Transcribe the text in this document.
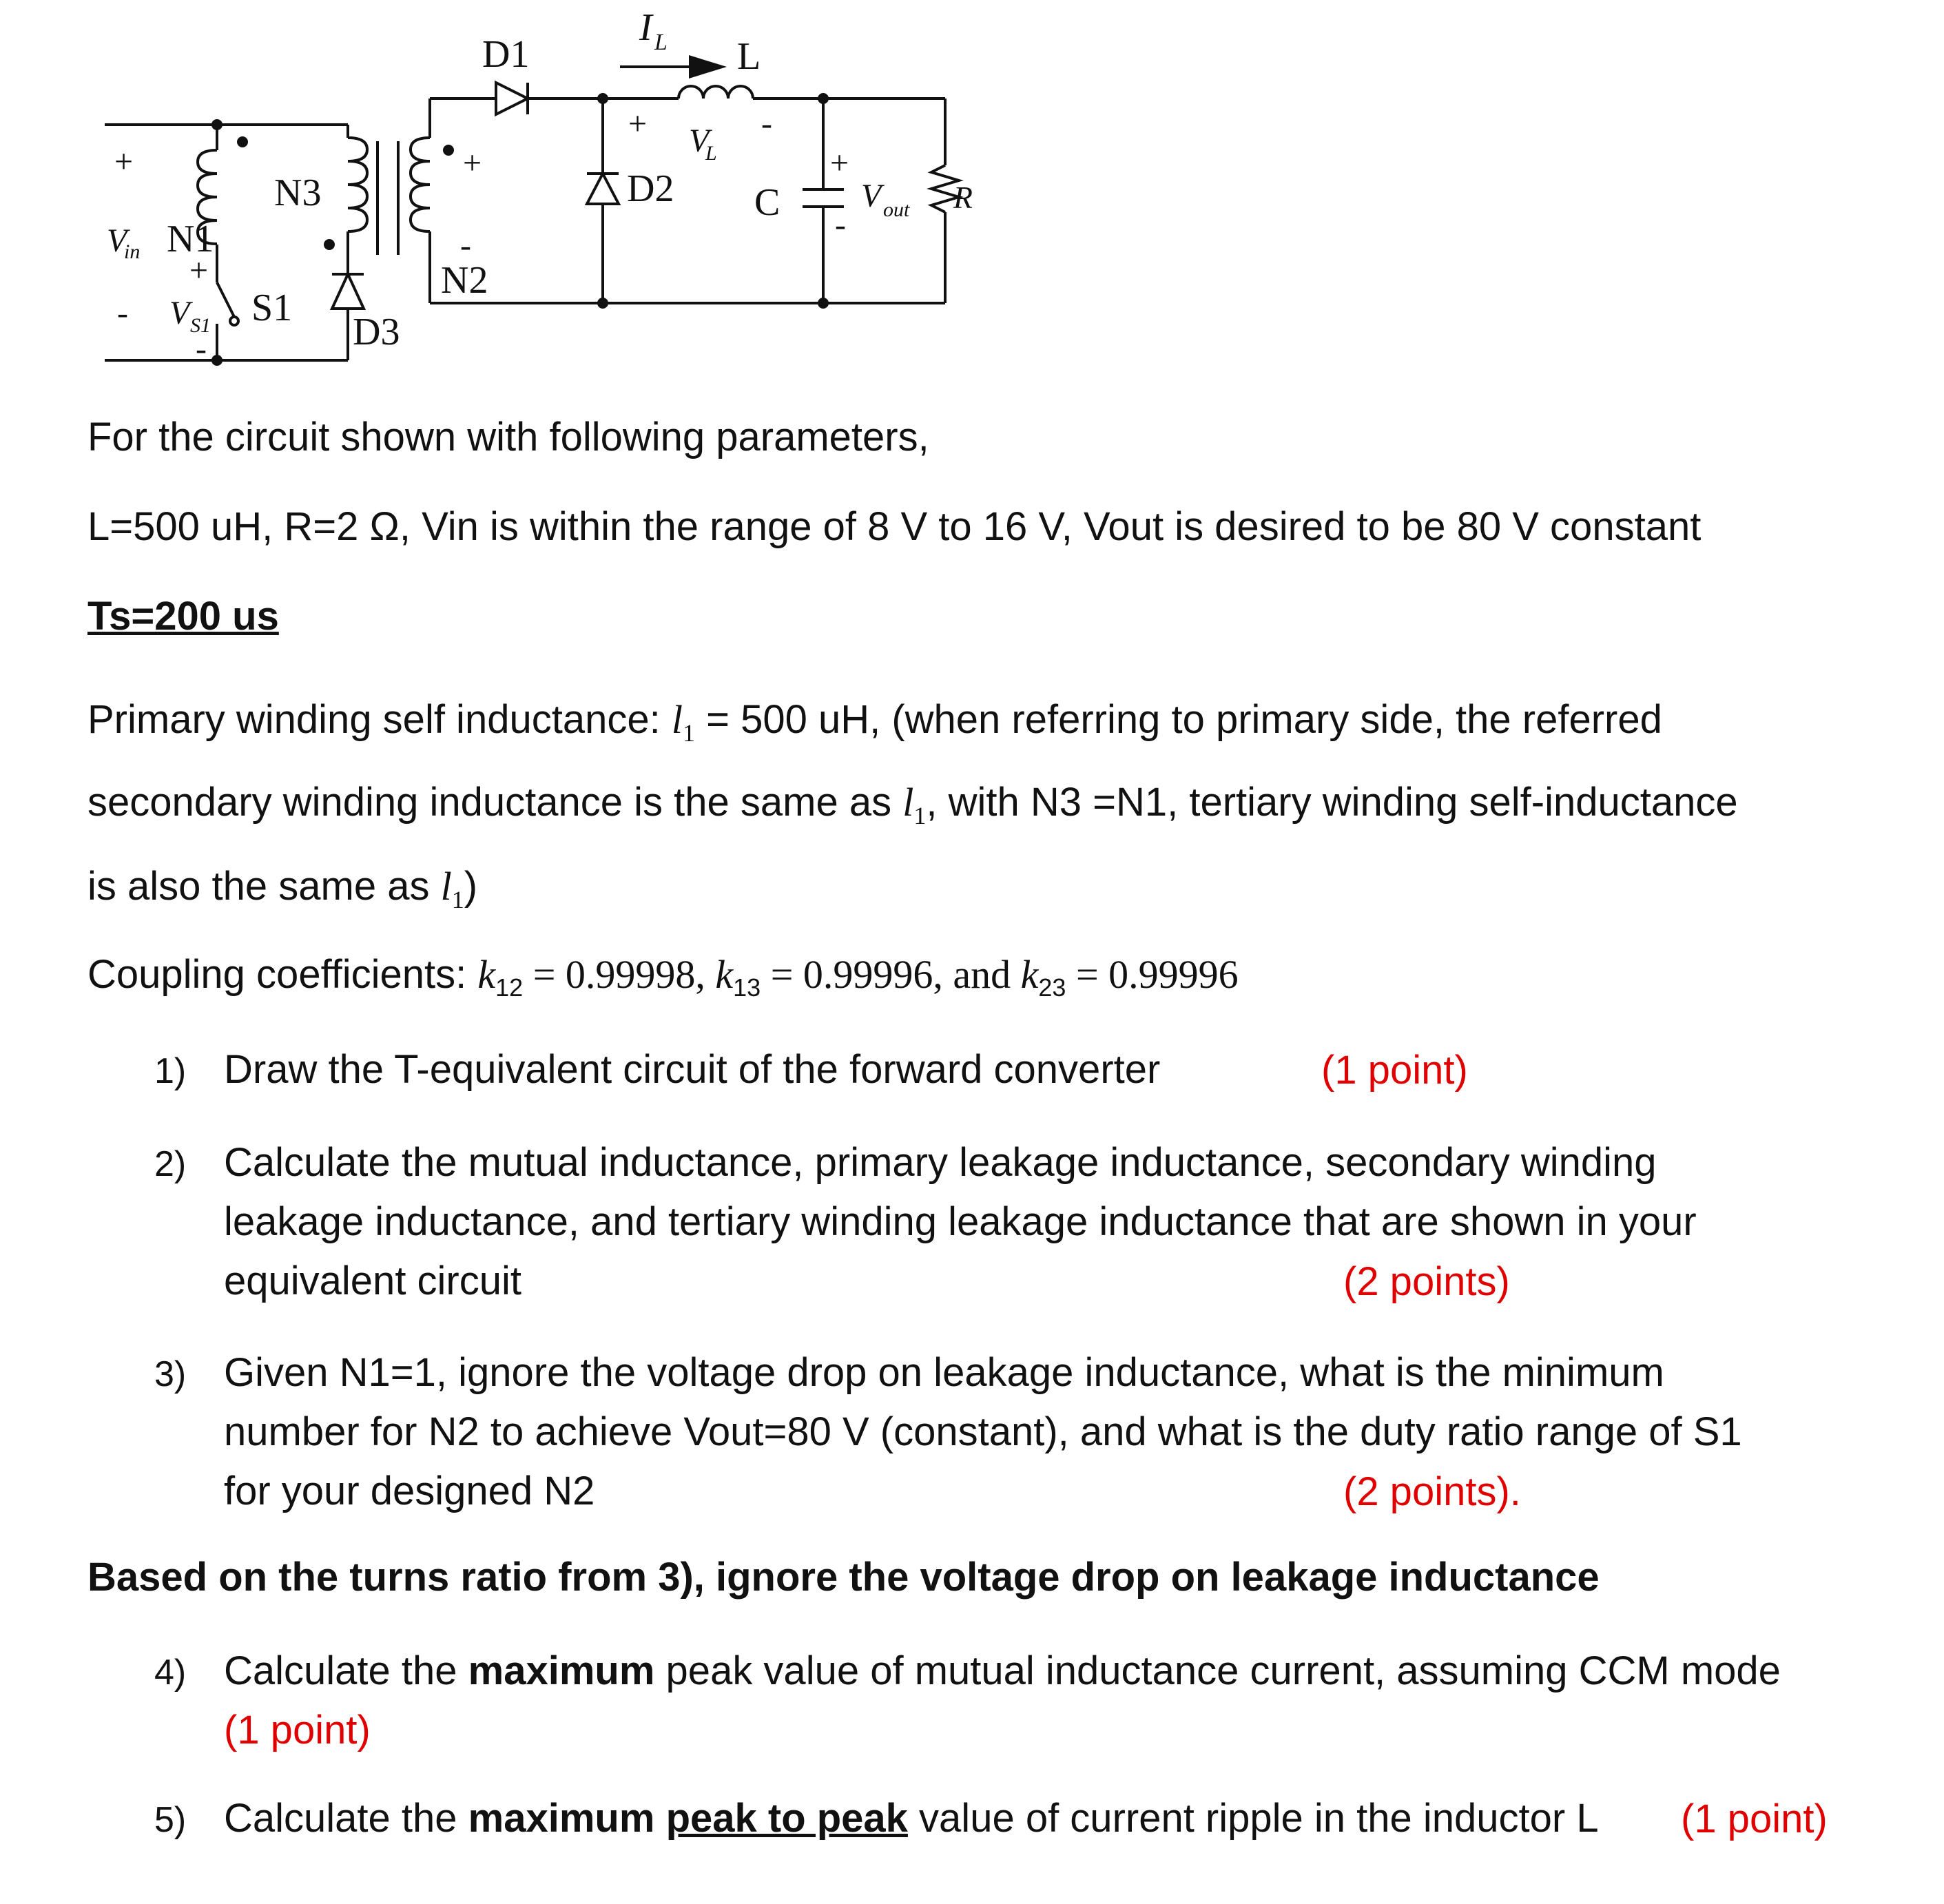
D1
I L L
+ V
L
-
D2 C
+
V out
-
R
N3
+
-
N2
+
V
in N1
+
- V S1 S1
-	D3
For the circuit shown with following parameters,
L=500 uH, R=2 Ω, Vin is within the range of 8 V to 16 V, Vout is desired to be 80 V constant
Ts=200 us
Primary winding self inductance: $l_1 = 500$ uH, (when referring to primary side, the referred
secondary winding inductance is the same as $l_1$, with N3 =N1, tertiary winding self-inductance
is also the same as $l_1$)
Coupling coefficients: $k_{12} = 0.99998$, $k_{13} = 0.99996$, and $k_{23} = 0.99996$
1) Draw the T-equivalent circuit of the forward converter	(1 point)
2) Calculate the mutual inductance, primary leakage inductance, secondary winding
leakage inductance, and tertiary winding leakage inductance that are shown in your
equivalent circuit	(2 points)
3) Given N1=1, ignore the voltage drop on leakage inductance, what is the minimum
number for N2 to achieve Vout=80 V (constant), and what is the duty ratio range of S1
for your designed N2	(2 points).
Based on the turns ratio from 3), ignore the voltage drop on leakage inductance
4) Calculate the maximum peak value of mutual inductance current, assuming CCM mode
(1 point)
5) Calculate the maximum peak to peak value of current ripple in the inductor L (1 point)
